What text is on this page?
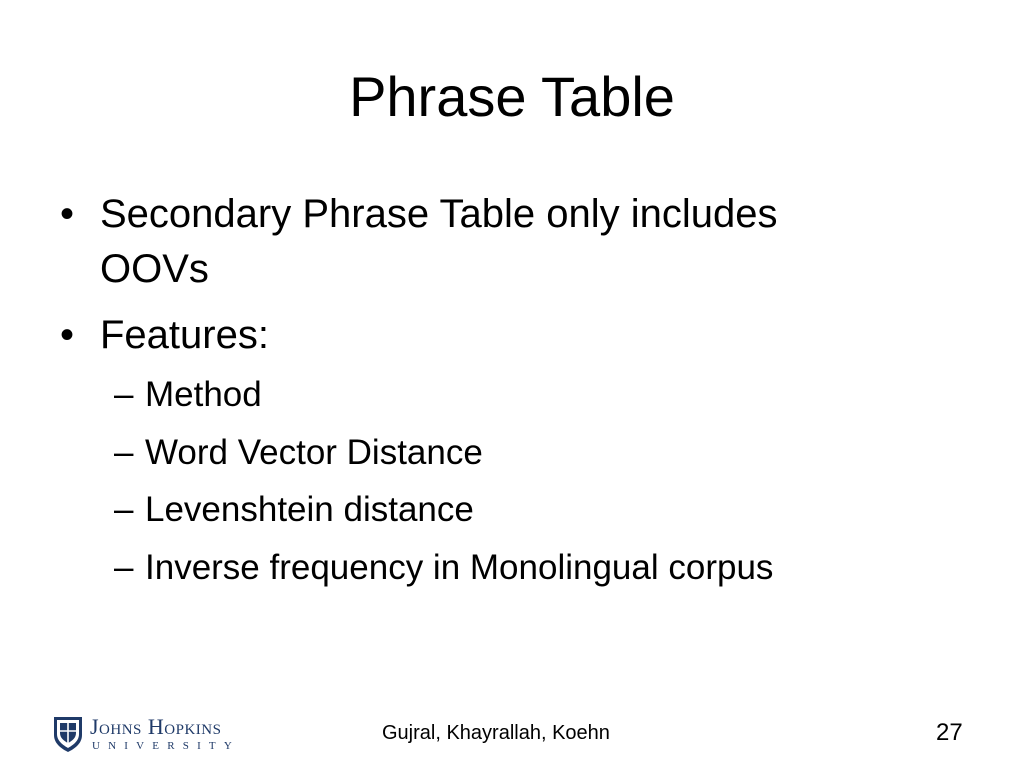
Phrase Table
• Secondary Phrase Table only includes
OOVs
• Features:
– Method
– Word Vector Distance
– Levenshtein distance
– Inverse frequency in Monolingual corpus
Johns Hopkins
UNIVERSITY
Gujral, Khayrallah, Koehn	27
